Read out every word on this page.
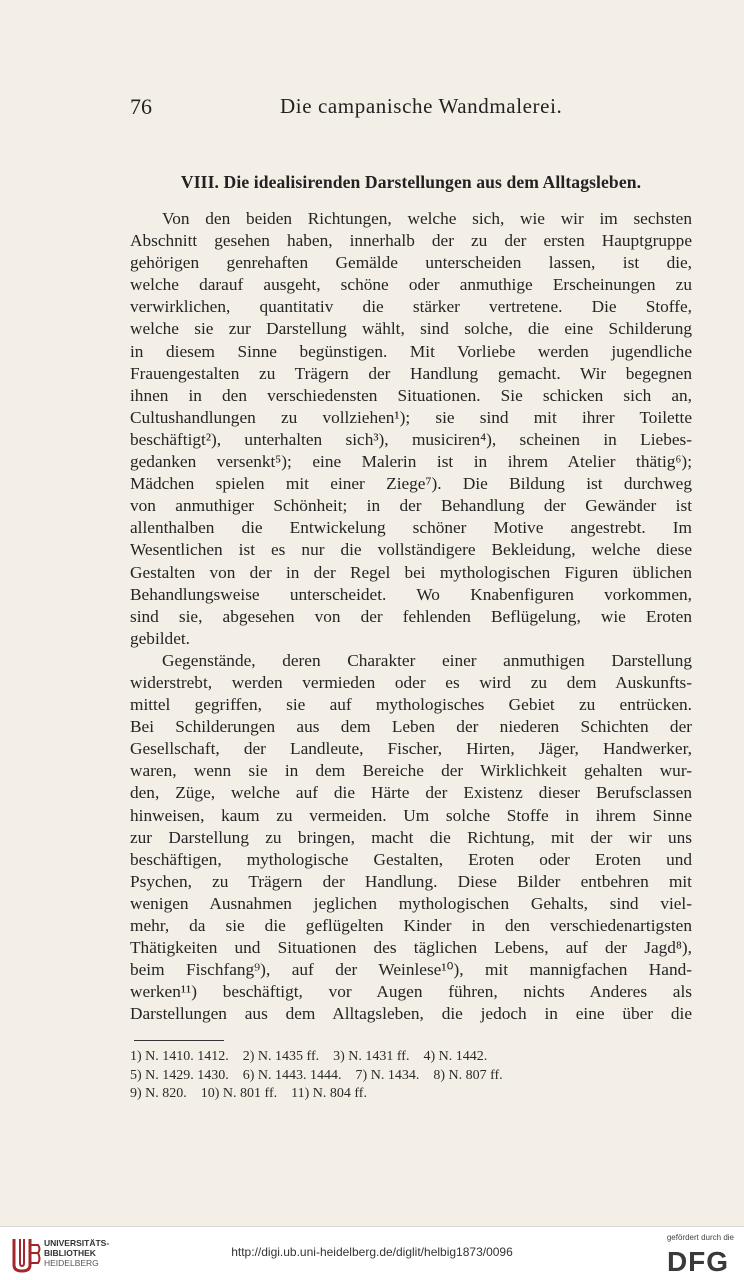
76	Die campanische Wandmalerei.
VIII. Die idealisirenden Darstellungen aus dem Alltagsleben.
Von den beiden Richtungen, welche sich, wie wir im sechsten
Abschnitt gesehen haben, innerhalb der zu der ersten Hauptgruppe
gehörigen genrehaften Gemälde unterscheiden lassen, ist die,
welche darauf ausgeht, schöne oder anmuthige Erscheinungen zu
verwirklichen, quantitativ die stärker vertretene. Die Stoffe,
welche sie zur Darstellung wählt, sind solche, die eine Schilderung
in diesem Sinne begünstigen. Mit Vorliebe werden jugendliche
Frauengestalten zu Trägern der Handlung gemacht. Wir begegnen
ihnen in den verschiedensten Situationen. Sie schicken sich an,
Cultushandlungen zu vollziehen¹); sie sind mit ihrer Toilette
beschäftigt²), unterhalten sich³), musiciren⁴), scheinen in Liebes-
gedanken versenkt⁵); eine Malerin ist in ihrem Atelier thätig⁶);
Mädchen spielen mit einer Ziege⁷). Die Bildung ist durchweg
von anmuthiger Schönheit; in der Behandlung der Gewänder ist
allenthalben die Entwickelung schöner Motive angestrebt. Im
Wesentlichen ist es nur die vollständigere Bekleidung, welche diese
Gestalten von der in der Regel bei mythologischen Figuren üblichen
Behandlungsweise unterscheidet. Wo Knabenfiguren vorkommen,
sind sie, abgesehen von der fehlenden Beflügelung, wie Eroten
gebildet.
Gegenstände, deren Charakter einer anmuthigen Darstellung
widerstrebt, werden vermieden oder es wird zu dem Auskunfts-
mittel gegriffen, sie auf mythologisches Gebiet zu entrücken.
Bei Schilderungen aus dem Leben der niederen Schichten der
Gesellschaft, der Landleute, Fischer, Hirten, Jäger, Handwerker,
waren, wenn sie in dem Bereiche der Wirklichkeit gehalten wur-
den, Züge, welche auf die Härte der Existenz dieser Berufsclassen
hinweisen, kaum zu vermeiden. Um solche Stoffe in ihrem Sinne
zur Darstellung zu bringen, macht die Richtung, mit der wir uns
beschäftigen, mythologische Gestalten, Eroten oder Eroten und
Psychen, zu Trägern der Handlung. Diese Bilder entbehren mit
wenigen Ausnahmen jeglichen mythologischen Gehalts, sind viel-
mehr, da sie die geflügelten Kinder in den verschiedenartigsten
Thätigkeiten und Situationen des täglichen Lebens, auf der Jagd⁸),
beim Fischfang⁹), auf der Weinlese¹⁰), mit mannigfachen Hand-
werken¹¹) beschäftigt, vor Augen führen, nichts Anderes als
Darstellungen aus dem Alltagsleben, die jedoch in eine über die
1) N. 1410. 1412.    2) N. 1435 ff.    3) N. 1431 ff.    4) N. 1442.
5) N. 1429. 1430.    6) N. 1443. 1444.    7) N. 1434.    8) N. 807 ff.
9) N. 820.    10) N. 801 ff.    11) N. 804 ff.
UNIVERSITÄTS-
BIBLIOTHEK
HEIDELBERG
http://digi.ub.uni-heidelberg.de/diglit/helbig1873/0096
gefördert durch die
DFG
